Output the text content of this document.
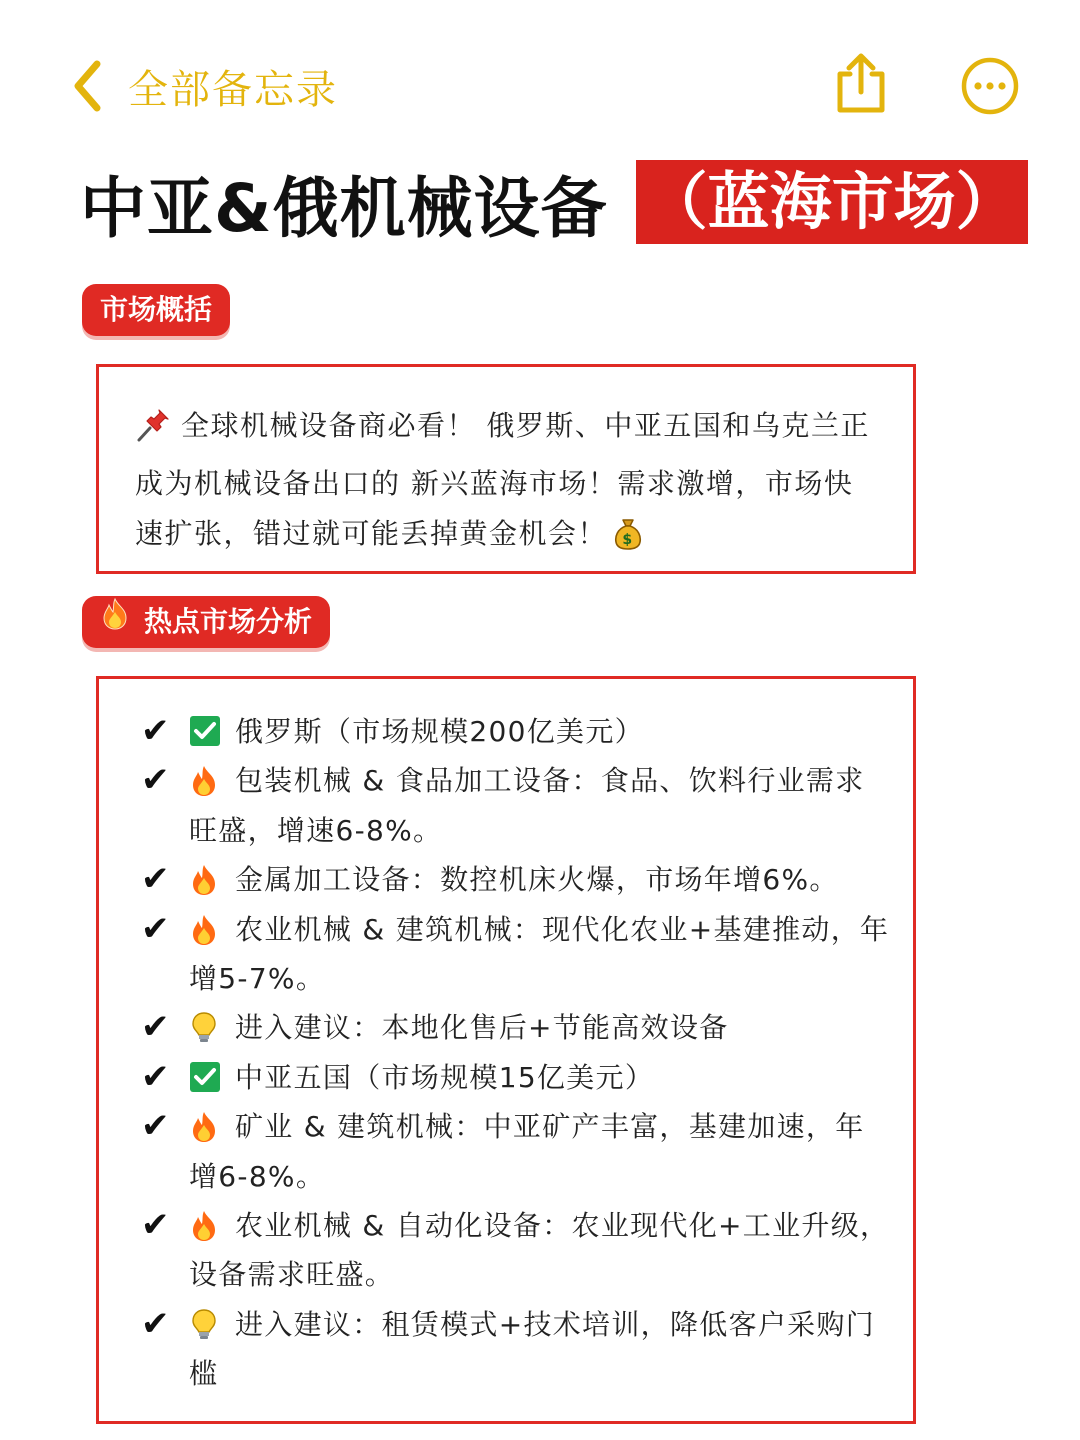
全部备忘录
中亚&俄机械设备 （蓝海市场）
市场概括

全球机械设备商必看！ 俄罗斯、中亚五国和乌克兰正成为机械设备出口的 新兴蓝海市场！需求激增，市场快速扩张，错过就可能丢掉黄金机会！ $

热点市场分析
✔	俄罗斯（市场规模200亿美元）
✔	包装机械 & 食品加工设备：食品、饮料行业需求旺盛，增速6-8%。
✔	金属加工设备：数控机床火爆，市场年增6%。
✔	农业机械 & 建筑机械：现代化农业+基建推动，年增5-7%。
✔	进入建议：本地化售后+节能高效设备
✔	中亚五国（市场规模15亿美元）
✔	矿业 & 建筑机械：中亚矿产丰富，基建加速，年增6-8%。
✔	农业机械 & 自动化设备：农业现代化+工业升级，设备需求旺盛。
✔	进入建议：租赁模式+技术培训，降低客户采购门槛
